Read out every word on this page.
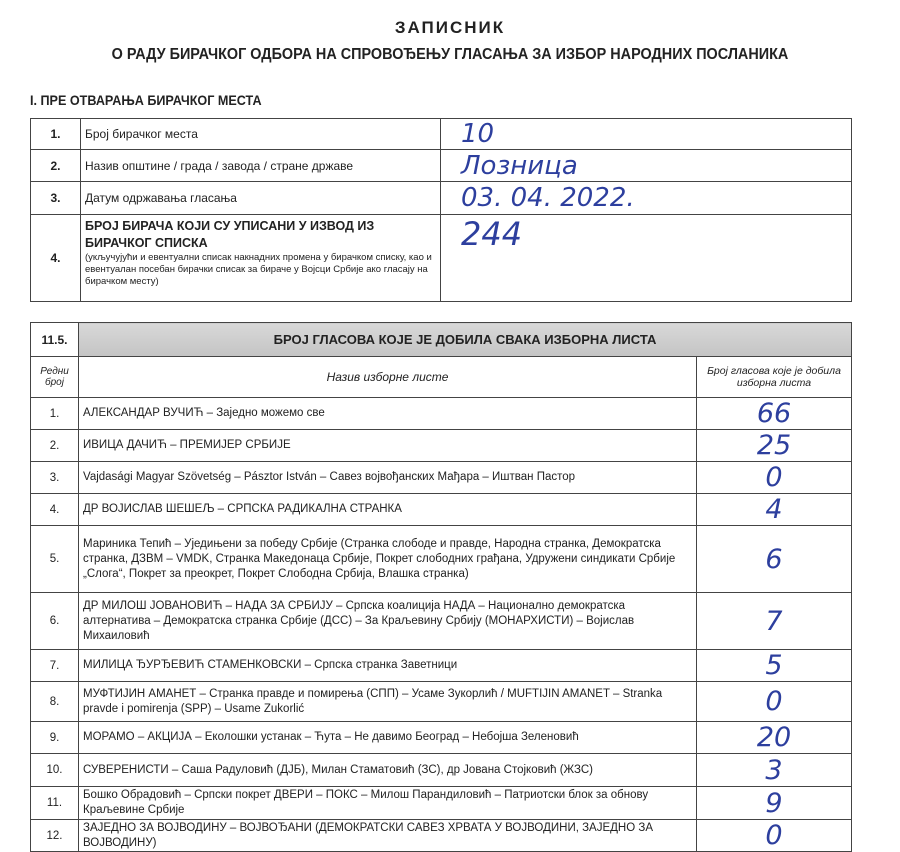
ЗАПИСНИК
О РАДУ БИРАЧКОГ ОДБОРА НА СПРОВОЂЕЊУ ГЛАСАЊА ЗА ИЗБОР НАРОДНИХ ПОСЛАНИКА
I. ПРЕ ОТВАРАЊА БИРАЧКОГ МЕСТА
1.	Број бирачког места	10
2.	Назив општине / града / завода / стране државе	Лозница
3.	Датум одржавања гласања	03. 04. 2022.
4.	БРОЈ БИРАЧА КОЈИ СУ УПИСАНИ У ИЗВОД ИЗ БИРАЧКОГ СПИСКА
(укључујући и евентуални списак накнадних промена у бирачком списку, као и евентуалан посебан бирачки списак за бираче у Војсци Србије ако гласају на бирачком месту)	244
11.5.	БРОЈ ГЛАСОВА КОЈЕ ЈЕ ДОБИЛА СВАКА ИЗБОРНА ЛИСТА	
Редни број	Назив изборне листе	Број гласова које је добила изборна листа
1.	АЛЕКСАНДАР ВУЧИЋ – Заједно можемо све	66
2.	ИВИЦА ДАЧИЋ – ПРЕМИЈЕР СРБИЈЕ	25
3.	Vajdasági Magyar Szövetség – Pásztor István – Савез војвођанских Мађара – Иштван Пастор	0
4.	ДР ВОЈИСЛАВ ШЕШЕЉ – СРПСКА РАДИКАЛНА СТРАНКА	4
5.	Мариника Тепић – Уједињени за победу Србије (Странка слободе и правде, Народна странка, Демократска странка, ДЗВМ – VMDK, Странка Македонаца Србије, Покрет слободних грађана, Удружени синдикати Србије „Слога“, Покрет за преокрет, Покрет Слободна Србија, Влашка странка)	6
6.	ДР МИЛОШ ЈОВАНОВИЋ – НАДА ЗА СРБИЈУ – Српска коалиција НАДА – Национално демократска алтернатива – Демократска странка Србије (ДСС) – За Краљевину Србију (МОНАРХИСТИ) – Војислав Михаиловић	7
7.	МИЛИЦА ЂУРЂЕВИЋ СТАМЕНКОВСКИ – Српска странка Заветници	5
8.	МУФТИЈИН АМАНЕТ – Странка правде и помирења (СПП) – Усаме Зукорлић / MUFTIJIN AMANET – Stranka pravde i pomirenja (SPP) – Usame Zukorlić	0
9.	МОРАМО – АКЦИЈА – Еколошки устанак – Ћута – Не давимо Београд – Небојша Зеленовић	20
10.	СУВЕРЕНИСТИ – Саша Радуловић (ДЈБ), Милан Стаматовић (ЗС), др Јована Стојковић (ЖЗС)	3
11.	Бошко Обрадовић – Српски покрет ДВЕРИ – ПОКС – Милош Парандиловић – Патриотски блок за обнову Краљевине Србије	9
12.	ЗАЈЕДНО ЗА ВОЈВОДИНУ – ВОЈВОЂАНИ (ДЕМОКРАТСКИ САВЕЗ ХРВАТА У ВОЈВОДИНИ, ЗАЈЕДНО ЗА ВОЈВОДИНУ)	0
